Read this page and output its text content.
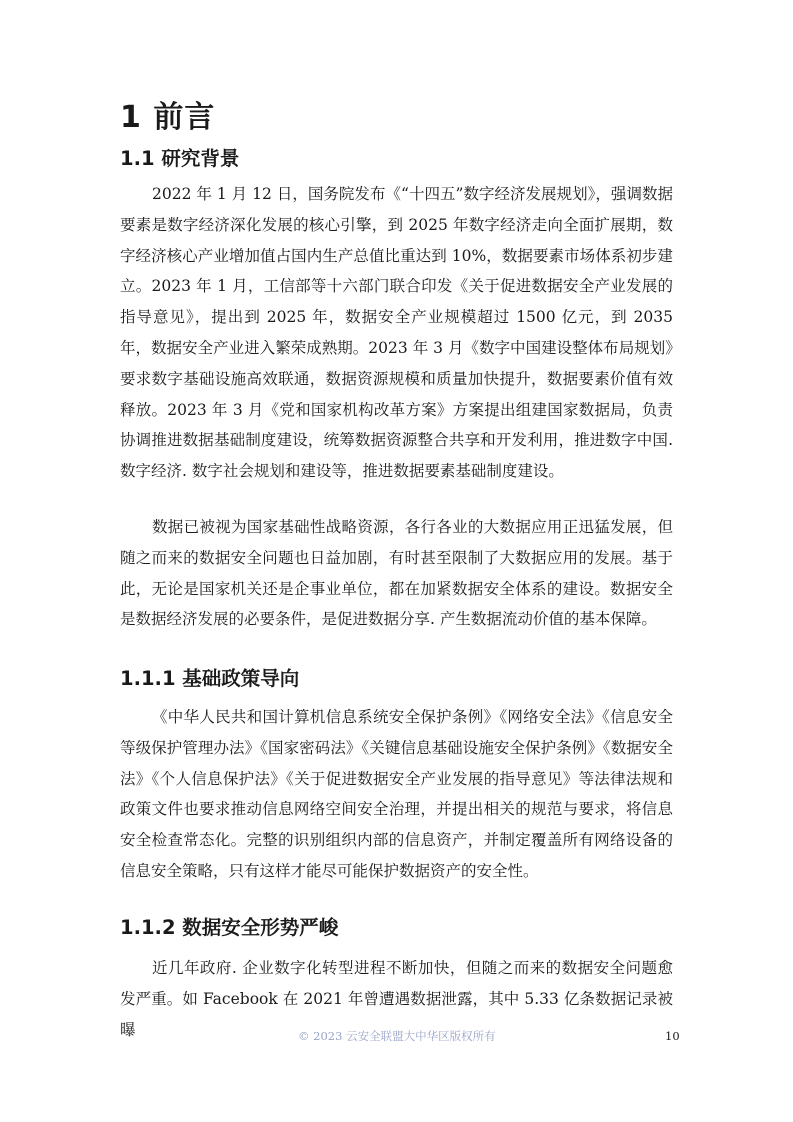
1 前言
1.1 研究背景

2022 年 1 月 12 日，国务院发布《“十四五”数字经济发展规划》，强调数据要素是数字经济深化发展的核心引擎，到 2025 年数字经济走向全面扩展期，数字经济核心产业增加值占国内生产总值比重达到 10%，数据要素市场体系初步建立。2023 年 1 月，工信部等十六部门联合印发《关于促进数据安全产业发展的指导意见》，提出到 2025 年，数据安全产业规模超过 1500 亿元，到 2035 年，数据安全产业进入繁荣成熟期。2023 年 3 月《数字中国建设整体布局规划》要求数字基础设施高效联通，数据资源规模和质量加快提升，数据要素价值有效释放。2023 年 3 月《党和国家机构改革方案》方案提出组建国家数据局，负责协调推进数据基础制度建设，统筹数据资源整合共享和开发利用，推进数字中国. 数字经济. 数字社会规划和建设等，推进数据要素基础制度建设。

数据已被视为国家基础性战略资源，各行各业的大数据应用正迅猛发展，但随之而来的数据安全问题也日益加剧，有时甚至限制了大数据应用的发展。基于此，无论是国家机关还是企事业单位，都在加紧数据安全体系的建设。数据安全是数据经济发展的必要条件，是促进数据分享. 产生数据流动价值的基本保障。

1.1.1 基础政策导向

《中华人民共和国计算机信息系统安全保护条例》《网络安全法》《信息安全等级保护管理办法》《国家密码法》《关键信息基础设施安全保护条例》《数据安全法》《个人信息保护法》《关于促进数据安全产业发展的指导意见》等法律法规和政策文件也要求推动信息网络空间安全治理，并提出相关的规范与要求，将信息安全检查常态化。完整的识别组织内部的信息资产，并制定覆盖所有网络设备的信息安全策略，只有这样才能尽可能保护数据资产的安全性。

1.1.2 数据安全形势严峻

近几年政府. 企业数字化转型进程不断加快，但随之而来的数据安全问题愈发严重。如 Facebook 在 2021 年曾遭遇数据泄露，其中 5.33 亿条数据记录被曝	© 2023 云安全联盟大中华区版权所有	10
